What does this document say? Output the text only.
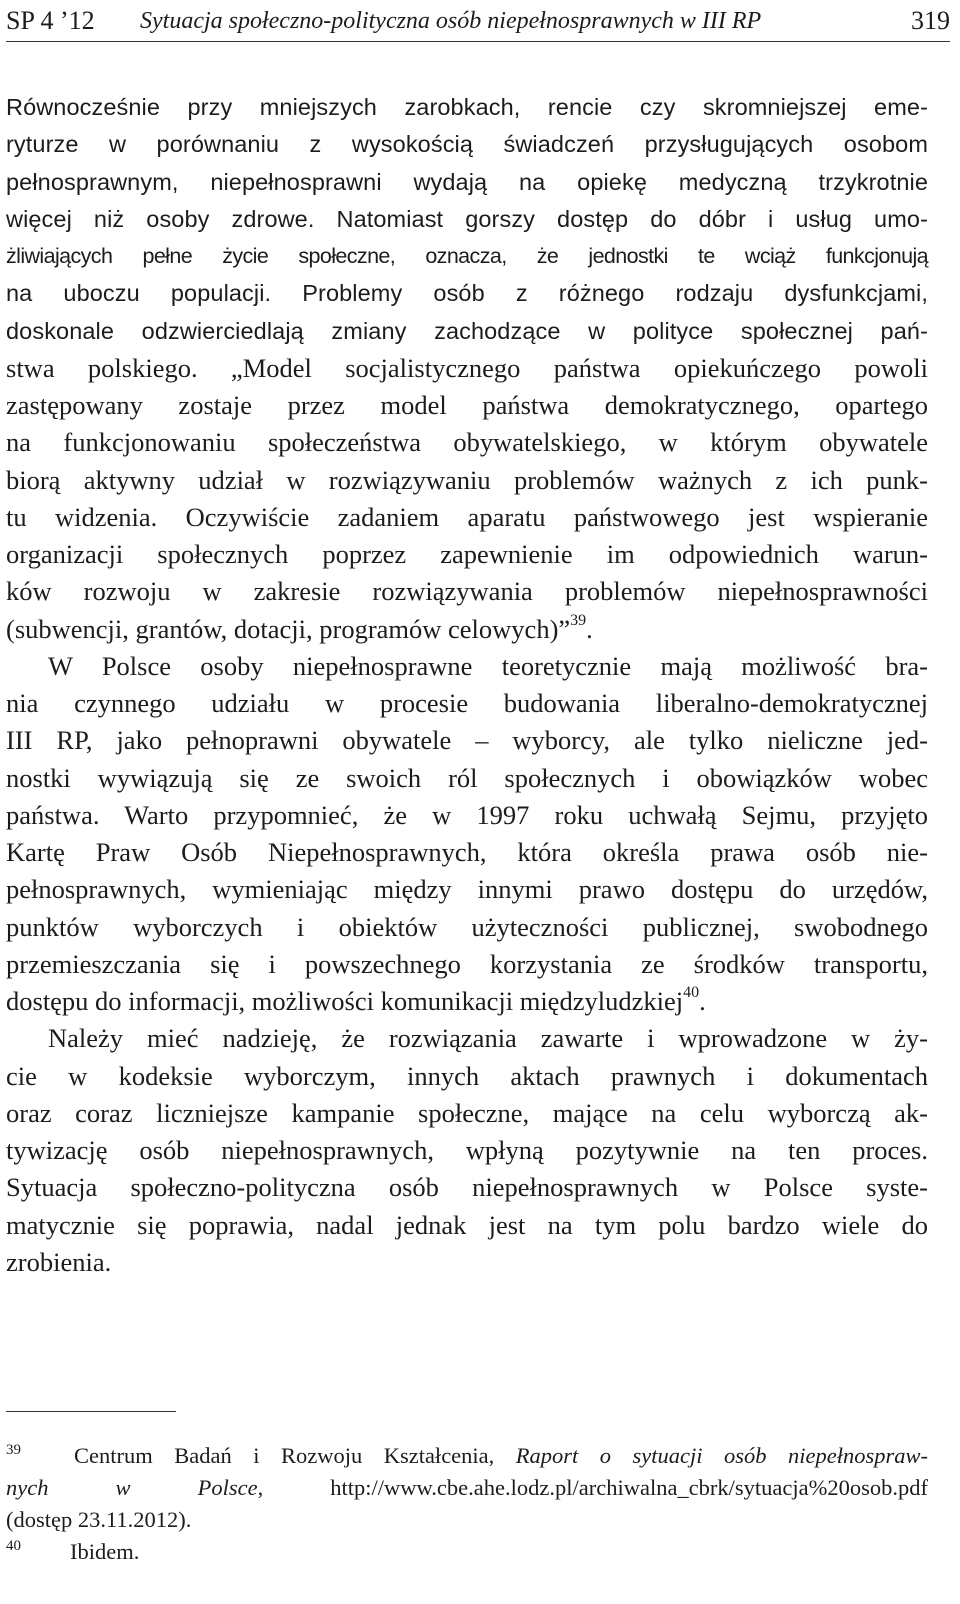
SP 4 ’12 Sytuacja społeczno-polityczna osób niepełnosprawnych w III RP	319
Równocześnie przy mniejszych zarobkach, rencie czy skromniejszej eme-
ryturze w porównaniu z wysokością świadczeń przysługujących osobom
pełnosprawnym, niepełnosprawni wydają na opiekę medyczną trzykrotnie
więcej niż osoby zdrowe. Natomiast gorszy dostęp do dóbr i usług umo-
żliwiających pełne życie społeczne, oznacza, że jednostki te wciąż funkcjonują
na uboczu populacji. Problemy osób z różnego rodzaju dysfunkcjami,
doskonale odzwierciedlają zmiany zachodzące w polityce społecznej pań-
stwa polskiego. „Model socjalistycznego państwa opiekuńczego powoli
zastępowany zostaje przez model państwa demokratycznego, opartego
na funkcjonowaniu społeczeństwa obywatelskiego, w którym obywatele
biorą aktywny udział w rozwiązywaniu problemów ważnych z ich punk-
tu widzenia. Oczywiście zadaniem aparatu państwowego jest wspieranie
organizacji społecznych poprzez zapewnienie im odpowiednich warun-
ków rozwoju w zakresie rozwiązywania problemów niepełnosprawności
(subwencji, grantów, dotacji, programów celowych)”$^{39}$.
W Polsce osoby niepełnosprawne teoretycznie mają możliwość bra-
nia czynnego udziału w procesie budowania liberalno-demokratycznej
III RP, jako pełnoprawni obywatele – wyborcy, ale tylko nieliczne jed-
nostki wywiązują się ze swoich ról społecznych i obowiązków wobec
państwa. Warto przypomnieć, że w 1997 roku uchwałą Sejmu, przyjęto
Kartę Praw Osób Niepełnosprawnych, która określa prawa osób nie-
pełnosprawnych, wymieniając między innymi prawo dostępu do urzędów,
punktów wyborczych i obiektów użyteczności publicznej, swobodnego
przemieszczania się i powszechnego korzystania ze środków transportu,
dostępu do informacji, możliwości komunikacji międzyludzkiej$^{40}$.
Należy mieć nadzieję, że rozwiązania zawarte i wprowadzone w ży-
cie w kodeksie wyborczym, innych aktach prawnych i dokumentach
oraz coraz liczniejsze kampanie społeczne, mające na celu wyborczą ak-
tywizację osób niepełnosprawnych, wpłyną pozytywnie na ten proces.
Sytuacja społeczno-polityczna osób niepełnosprawnych w Polsce syste-
matycznie się poprawia, nadal jednak jest na tym polu bardzo wiele do
zrobienia.
39 Centrum Badań i Rozwoju Kształcenia, Raport o sytuacji osób niepełnospraw-
nych w Polsce, http://www.cbe.ahe.lodz.pl/archiwalna_cbrk/sytuacja%20osob.pdf
(dostęp 23.11.2012).
40 Ibidem.
